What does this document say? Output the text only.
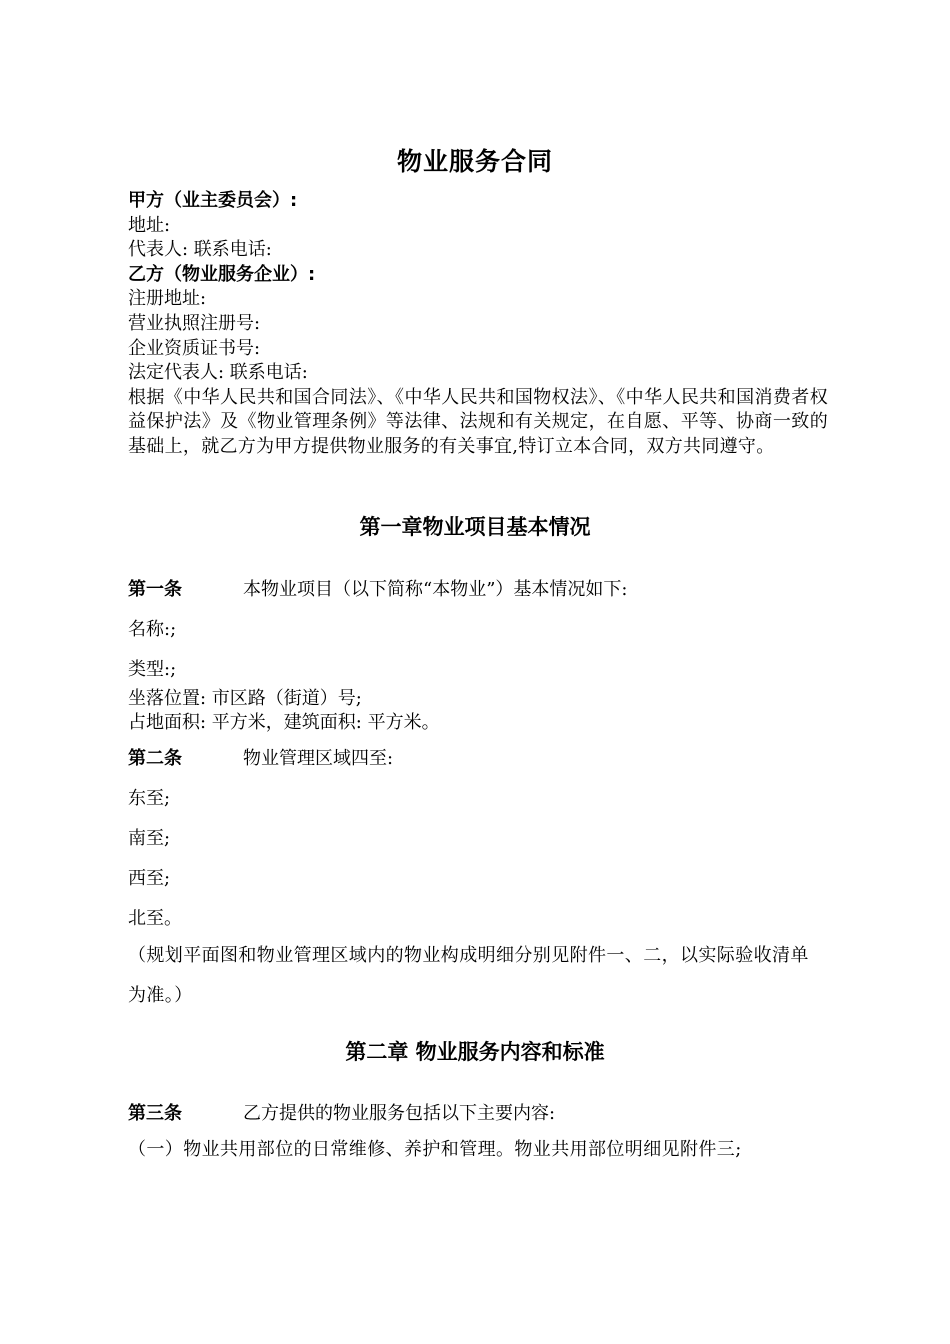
物业服务合同
甲方（业主委员会）:
地址:
代表人: 联系电话:
乙方（物业服务企业）:
注册地址:
营业执照注册号:
企业资质证书号:
法定代表人: 联系电话:
根据《中华人民共和国合同法》、《中华人民共和国物权法》、《中华人民共和国消费者权益保护法》及《物业管理条例》等法律、法规和有关规定，在自愿、平等、协商一致的基础上，就乙方为甲方提供物业服务的有关事宜,特订立本合同，双方共同遵守。
第一章物业项目基本情况
第一条	本物业项目（以下简称“本物业”）基本情况如下:
名称:;
类型:;
坐落位置: 市区路（街道）号;
占地面积: 平方米，建筑面积: 平方米。
第二条	物业管理区域四至:
东至;
南至;
西至;
北至。
（规划平面图和物业管理区域内的物业构成明细分别见附件一、二，以实际验收清单为准。）
第二章 物业服务内容和标准
第三条	乙方提供的物业服务包括以下主要内容:
（一）物业共用部位的日常维修、养护和管理。物业共用部位明细见附件三;
